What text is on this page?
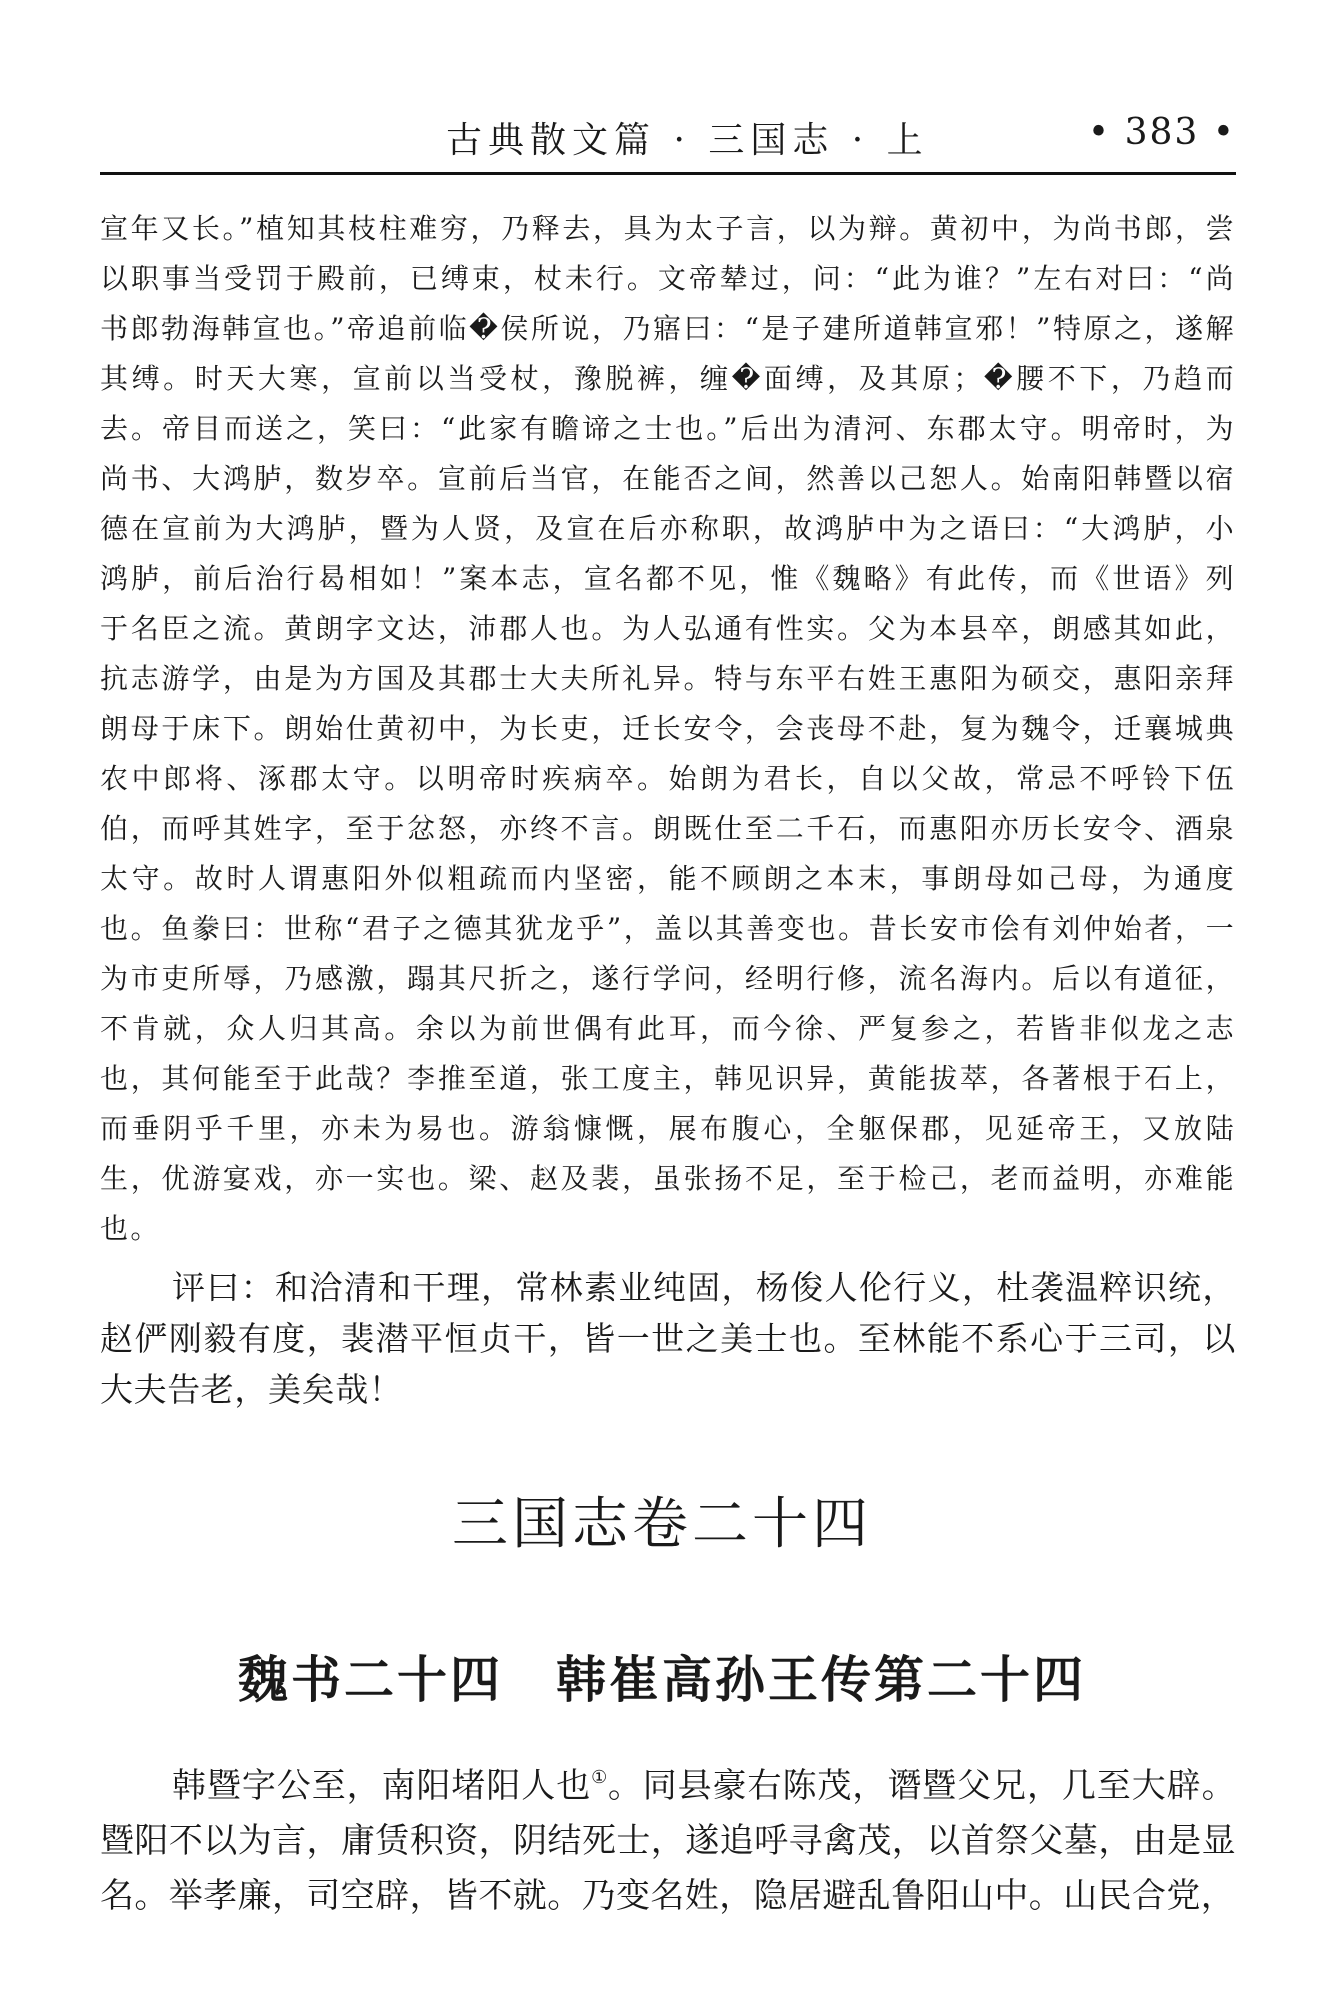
古典散文篇 · 三国志 · 上	• 383 •

宣年又长。”植知其枝柱难穷，乃释去，具为太子言，以为辩。黄初中，为尚书郎，尝以职事当受罚于殿前，已缚束，杖未行。文帝辇过，问：“此为谁？”左右对曰：“尚书郎勃海韩宣也。”帝追前临�侯所说，乃寤曰：“是子建所道韩宣邪！”特原之，遂解其缚。时天大寒，宣前以当受杖，豫脱裤，缠�面缚，及其原；�腰不下，乃趋而去。帝目而送之，笑曰：“此家有瞻谛之士也。”后出为清河、东郡太守。明帝时，为尚书、大鸿胪，数岁卒。宣前后当官，在能否之间，然善以己恕人。始南阳韩暨以宿德在宣前为大鸿胪，暨为人贤，及宣在后亦称职，故鸿胪中为之语曰：“大鸿胪，小鸿胪，前后治行曷相如！”案本志，宣名都不见，惟《魏略》有此传，而《世语》列于名臣之流。黄朗字文达，沛郡人也。为人弘通有性实。父为本县卒，朗感其如此，抗志游学，由是为方国及其郡士大夫所礼异。特与东平右姓王惠阳为硕交，惠阳亲拜朗母于床下。朗始仕黄初中，为长吏，迁长安令，会丧母不赴，复为魏令，迁襄城典农中郎将、涿郡太守。以明帝时疾病卒。始朗为君长，自以父故，常忌不呼铃下伍伯，而呼其姓字，至于忿怒，亦终不言。朗既仕至二千石，而惠阳亦历长安令、酒泉太守。故时人谓惠阳外似粗疏而内坚密，能不顾朗之本末，事朗母如己母，为通度也。鱼豢曰：世称“君子之德其犹龙乎”，盖以其善变也。昔长安市侩有刘仲始者，一为市吏所辱，乃感激，蹋其尺折之，遂行学问，经明行修，流名海内。后以有道征，不肯就，众人归其高。余以为前世偶有此耳，而今徐、严复参之，若皆非似龙之志也，其何能至于此哉？李推至道，张工度主，韩见识异，黄能拔萃，各著根于石上，而垂阴乎千里，亦未为易也。游翁慷慨，展布腹心，全躯保郡，见延帝王，又放陆生，优游宴戏，亦一实也。梁、赵及裴，虽张扬不足，至于检己，老而益明，亦难能也。

评曰：和洽清和干理，常林素业纯固，杨俊人伦行义，杜袭温粹识统，赵俨刚毅有度，裴潜平恒贞干，皆一世之美士也。至林能不系心于三司，以大夫告老，美矣哉！

三国志卷二十四
魏书二十四　韩崔高孙王传第二十四

韩暨字公至，南阳堵阳人也①。同县豪右陈茂，谮暨父兄，几至大辟。暨阳不以为言，庸赁积资，阴结死士，遂追呼寻禽茂，以首祭父墓，由是显名。举孝廉，司空辟，皆不就。乃变名姓，隐居避乱鲁阳山中。山民合党，
